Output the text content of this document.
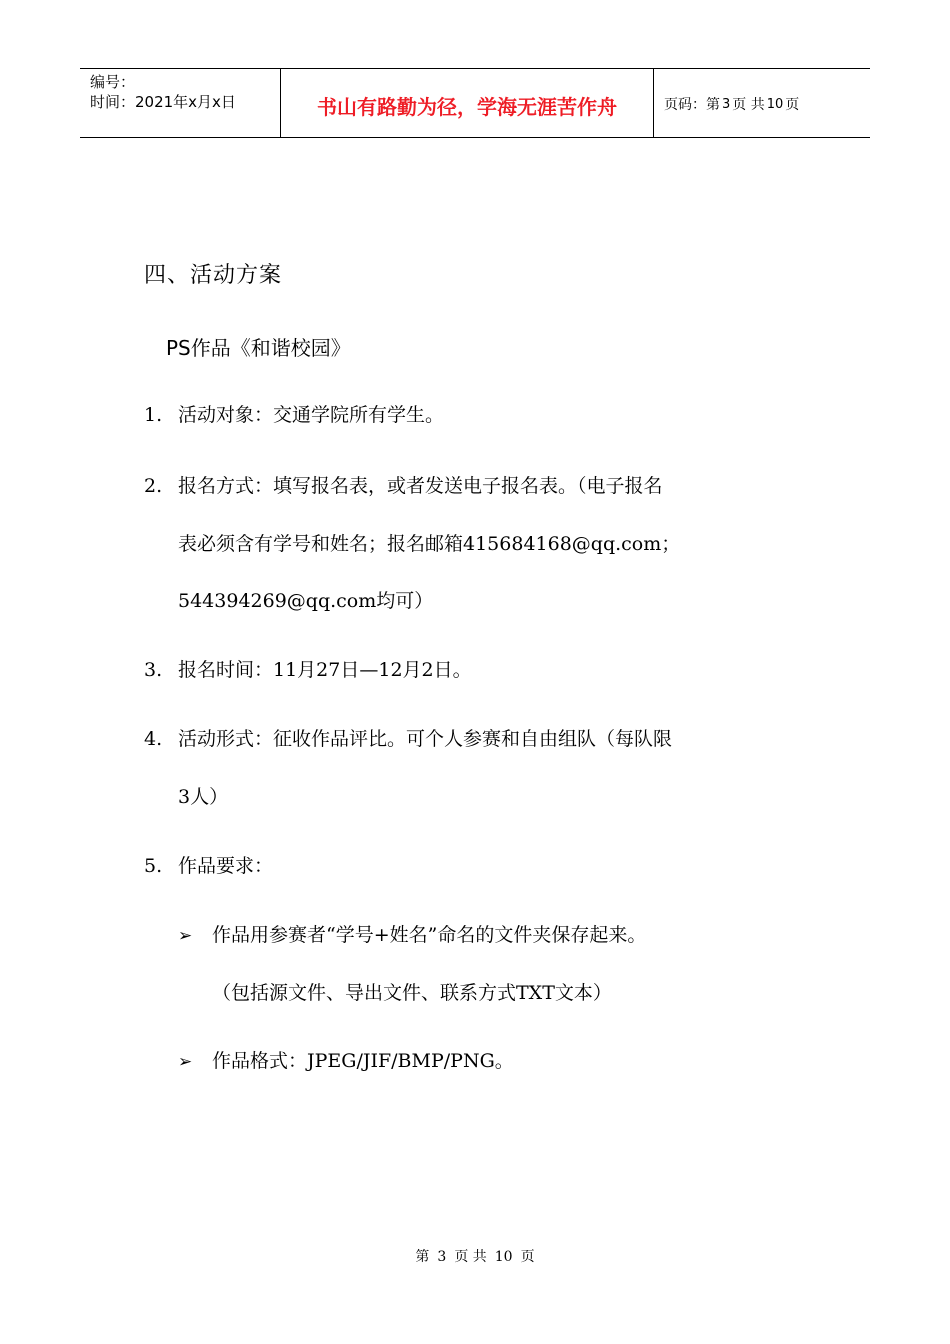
编号：
时间：2021年x月x日	书山有路勤为径，学海无涯苦作舟	页码：第 3 页 共 10 页
四、活动方案
PS作品《和谐校园》
1. 活动对象：交通学院所有学生。
2. 报名方式：填写报名表，或者发送电子报名表。（电子报名
表必须含有学号和姓名；报名邮箱415684168@qq.com；
544394269@qq.com均可）
3. 报名时间：11月27日—12月2日。
4. 活动形式：征收作品评比。可个人参赛和自由组队（每队限
3人）
5. 作品要求：
➢ 作品用参赛者“学号+姓名”命名的文件夹保存起来。
（包括源文件、导出文件、联系方式TXT文本）
➢ 作品格式：JPEG/JIF/BMP/PNG。
第 3 页 共 10 页
